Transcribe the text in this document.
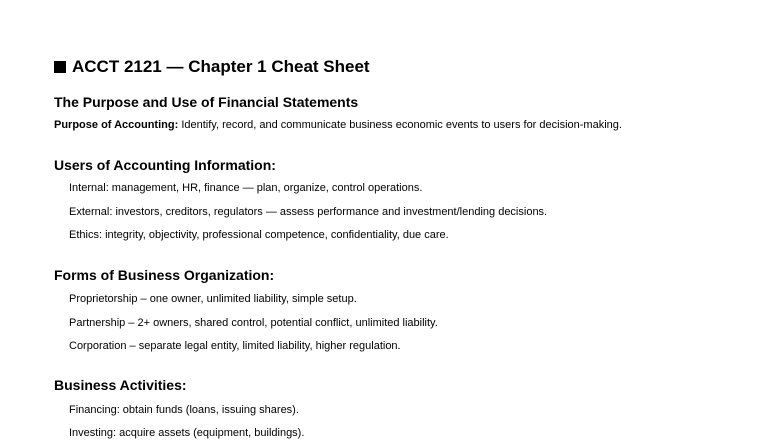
ACCT 2121 — Chapter 1 Cheat Sheet
The Purpose and Use of Financial Statements
Purpose of Accounting: Identify, record, and communicate business economic events to users for decision-making.
Users of Accounting Information:
Internal: management, HR, finance — plan, organize, control operations.
External: investors, creditors, regulators — assess performance and investment/lending decisions.
Ethics: integrity, objectivity, professional competence, confidentiality, due care.
Forms of Business Organization:
Proprietorship – one owner, unlimited liability, simple setup.
Partnership – 2+ owners, shared control, potential conflict, unlimited liability.
Corporation – separate legal entity, limited liability, higher regulation.
Business Activities:
Financing: obtain funds (loans, issuing shares).
Investing: acquire assets (equipment, buildings).
